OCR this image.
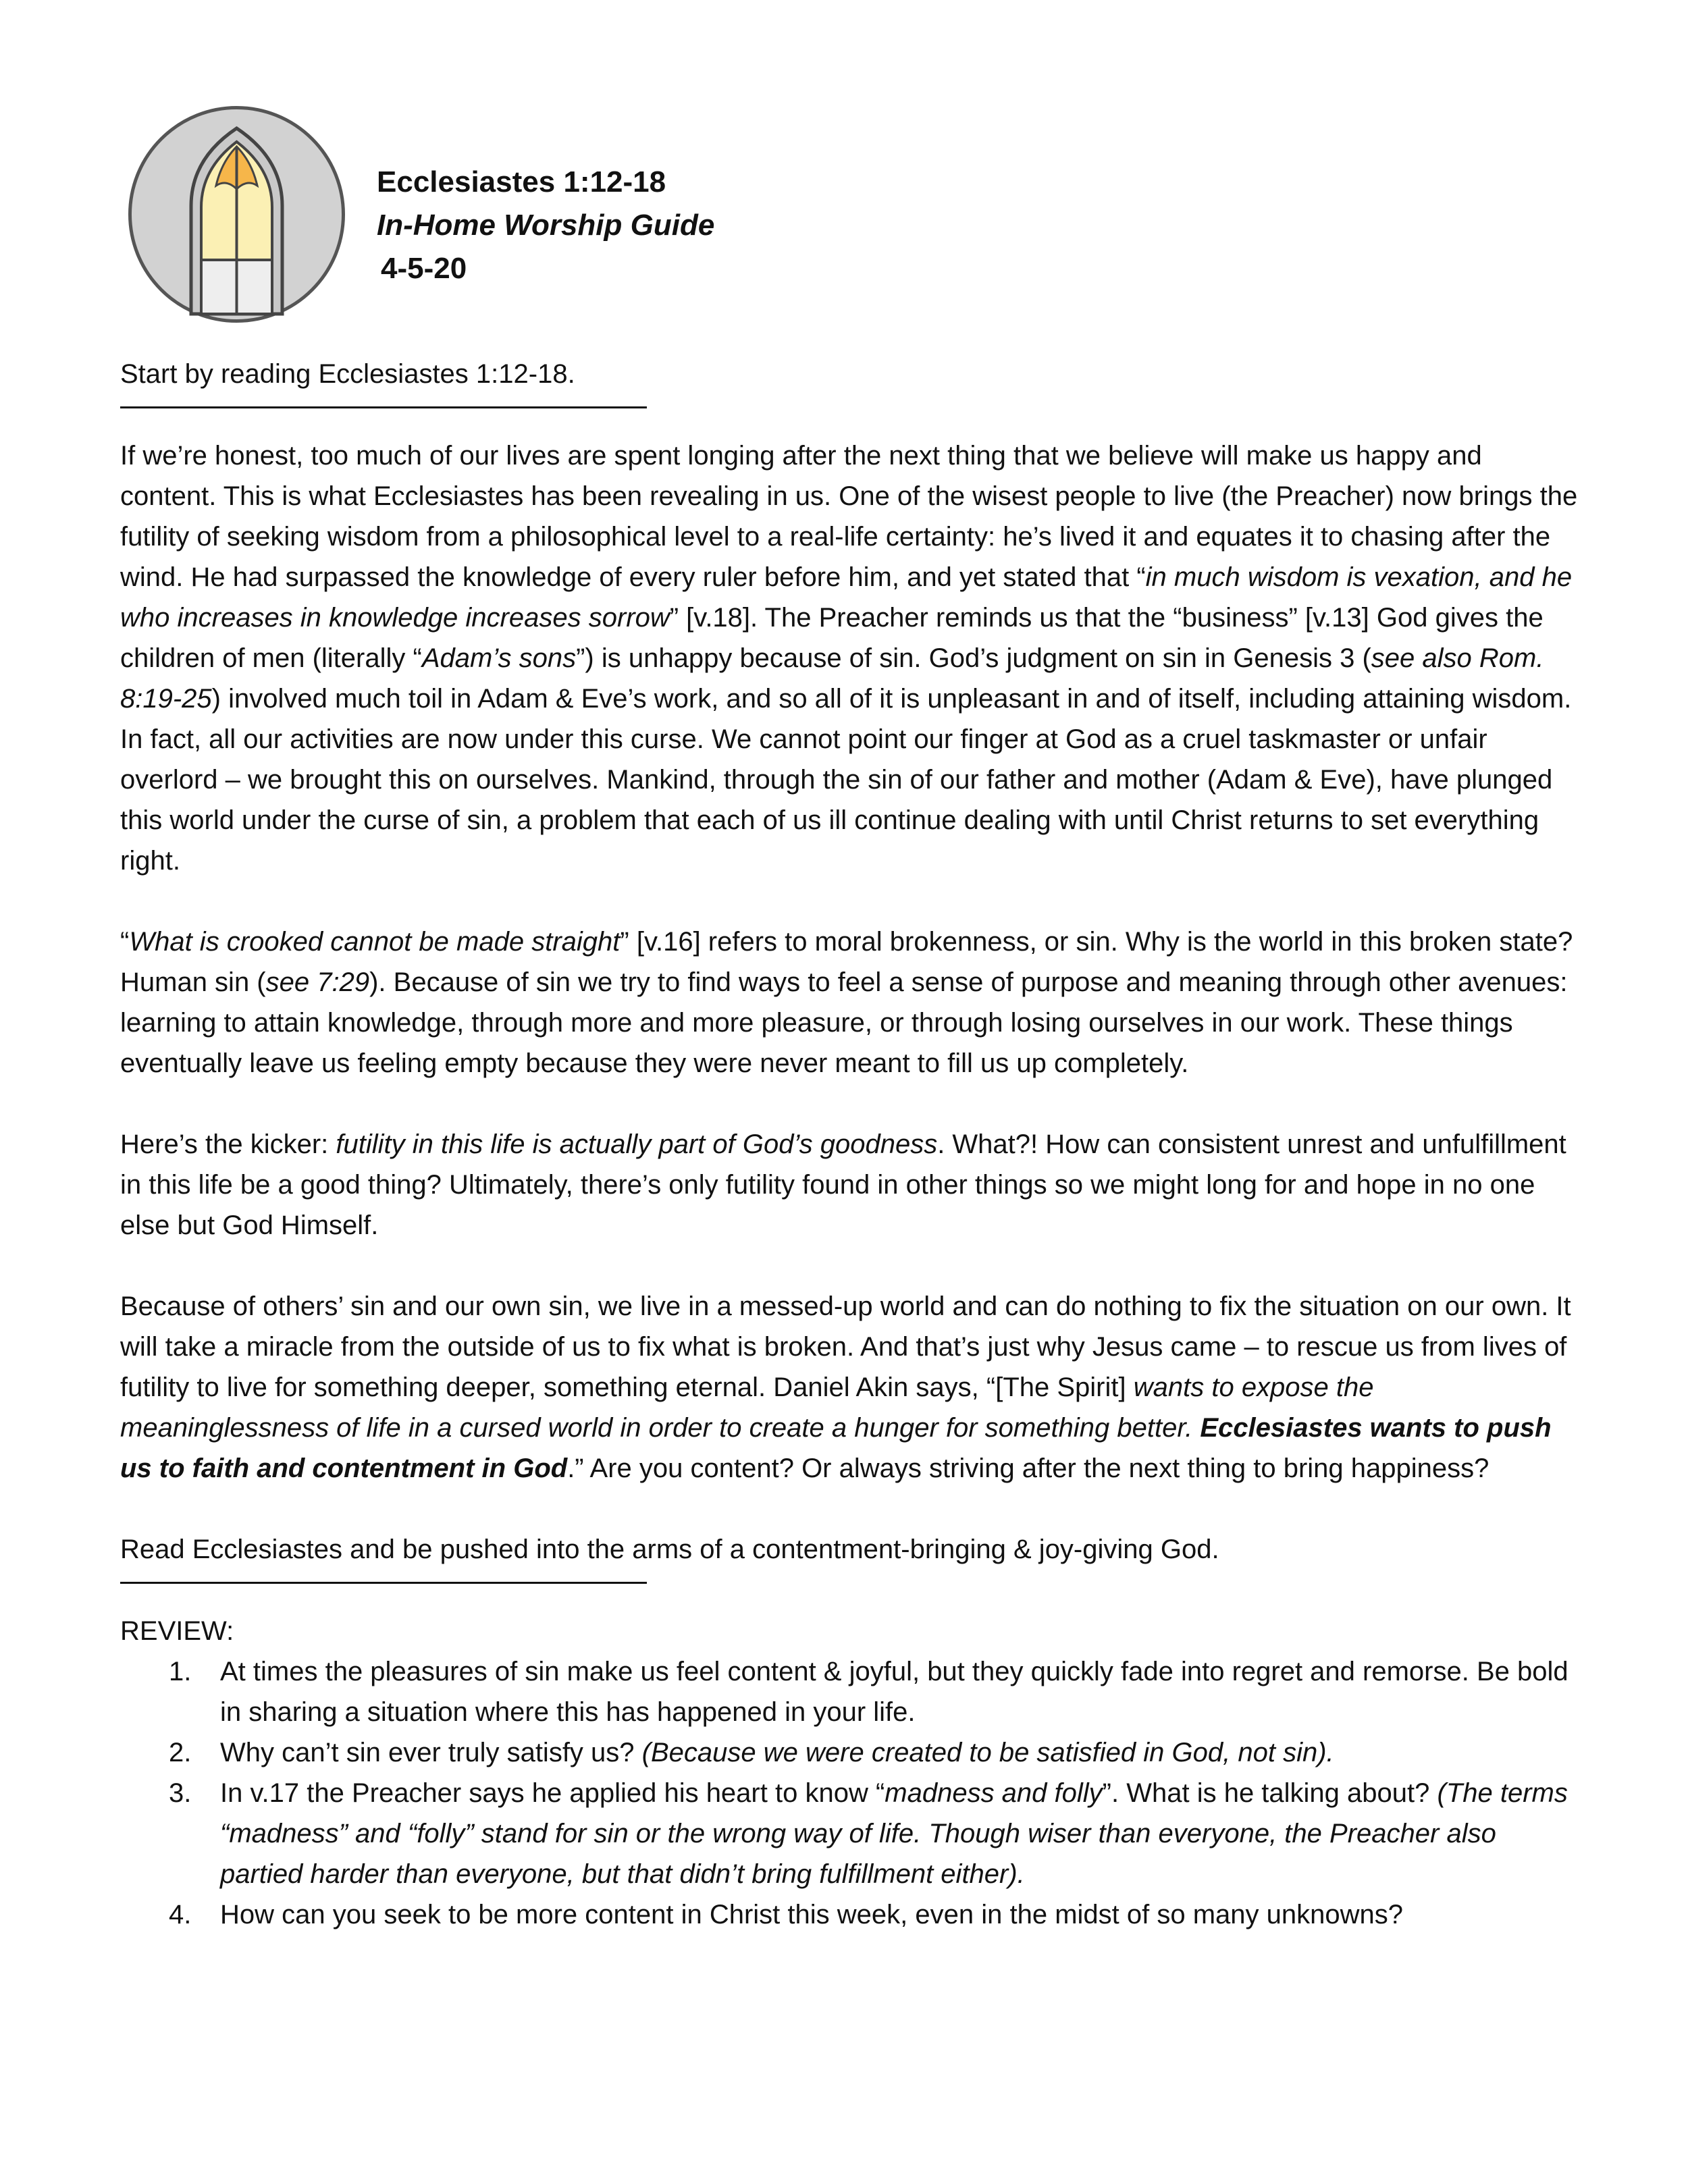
Ecclesiastes 1:12-18
In-Home Worship Guide
4-5-20

Start by reading Ecclesiastes 1:12-18.

If we’re honest, too much of our lives are spent longing after the next thing that we believe will make us happy and content. This is what Ecclesiastes has been revealing in us. One of the wisest people to live (the Preacher) now brings the futility of seeking wisdom from a philosophical level to a real-life certainty: he’s lived it and equates it to chasing after the wind. He had surpassed the knowledge of every ruler before him, and yet stated that “in much wisdom is vexation, and he who increases in knowledge increases sorrow” [v.18]. The Preacher reminds us that the “business” [v.13] God gives the children of men (literally “Adam’s sons”) is unhappy because of sin. God’s judgment on sin in Genesis 3 (see also Rom. 8:19-25) involved much toil in Adam & Eve’s work, and so all of it is unpleasant in and of itself, including attaining wisdom. In fact, all our activities are now under this curse. We cannot point our finger at God as a cruel taskmaster or unfair overlord – we brought this on ourselves. Mankind, through the sin of our father and mother (Adam & Eve), have plunged this world under the curse of sin, a problem that each of us ill continue dealing with until Christ returns to set everything right.

“What is crooked cannot be made straight” [v.16] refers to moral brokenness, or sin. Why is the world in this broken state? Human sin (see 7:29). Because of sin we try to find ways to feel a sense of purpose and meaning through other avenues: learning to attain knowledge, through more and more pleasure, or through losing ourselves in our work. These things eventually leave us feeling empty because they were never meant to fill us up completely.

Here’s the kicker: futility in this life is actually part of God’s goodness. What?! How can consistent unrest and unfulfillment in this life be a good thing? Ultimately, there’s only futility found in other things so we might long for and hope in no one else but God Himself.

Because of others’ sin and our own sin, we live in a messed-up world and can do nothing to fix the situation on our own. It will take a miracle from the outside of us to fix what is broken. And that’s just why Jesus came – to rescue us from lives of futility to live for something deeper, something eternal. Daniel Akin says, “[The Spirit] wants to expose the meaninglessness of life in a cursed world in order to create a hunger for something better. Ecclesiastes wants to push us to faith and contentment in God.” Are you content? Or always striving after the next thing to bring happiness?

Read Ecclesiastes and be pushed into the arms of a contentment-bringing & joy-giving God.

REVIEW:

1. At times the pleasures of sin make us feel content & joyful, but they quickly fade into regret and remorse. Be bold in sharing a situation where this has happened in your life.
2. Why can’t sin ever truly satisfy us? (Because we were created to be satisfied in God, not sin).
3. In v.17 the Preacher says he applied his heart to know “madness and folly”. What is he talking about? (The terms “madness” and “folly” stand for sin or the wrong way of life. Though wiser than everyone, the Preacher also partied harder than everyone, but that didn’t bring fulfillment either).
4. How can you seek to be more content in Christ this week, even in the midst of so many unknowns?
